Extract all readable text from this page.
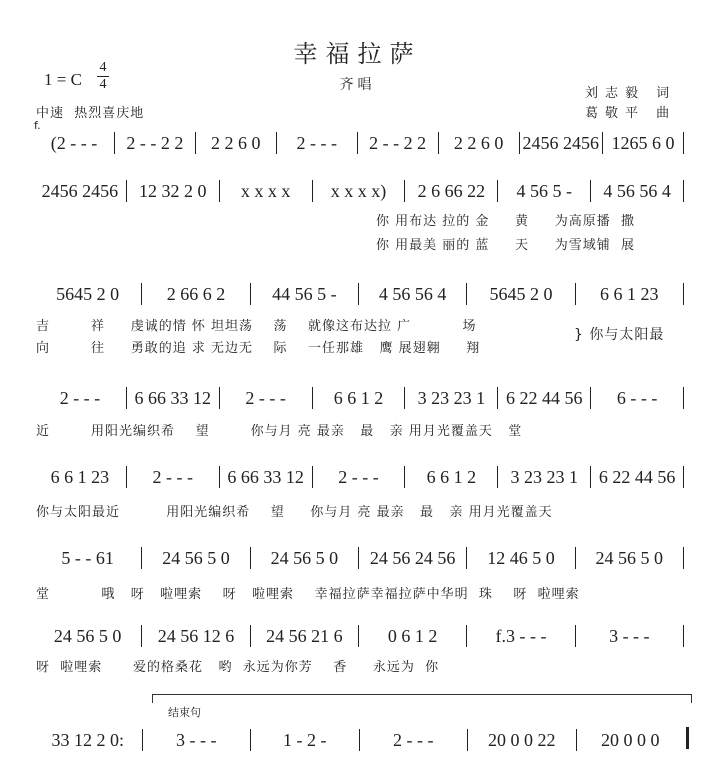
幸福拉萨
齐唱
1 = C
4
4
中速  热烈喜庆地
刘志毅 词
葛敬平 曲
f.
(2 - - -	2 - - 2 2	2 2 6 0	2 - - -	2 - - 2 2	2 2 6 0	2456 2456 1265 6 0
2456 2456	12 32 2 0	x x x x	x x x x)	2 6 66 22	4 56 5 -	4 56 56 4
5645 2 0	2 66 6 2	44 56 5 -	4 56 56 4	5645 2 0	6 6 1 23
2 - - -	6 66 33 12	2 - - -	6 6 1 2	3 23 23 1	6 22 44 56	6 - - -
6 6 1 23	2 - - -	6 66 33 12	2 - - -	6 6 1 2	3 23 23 1	6 22 44 56
5 - - 61	24 56 5 0	24 56 5 0	24 56 24 56	12 46 5 0	24 56 5 0
24 56 5 0	24 56 12 6	24 56 21 6	0 6 1 2	f.3 - - -	3 - - -
33 12 2 0:	3 - - -	1 - 2 -	2 - - -	20 0 0 22	20 0 0 0
你 用布达 拉的 金     黄     为高原播  撒
你 用最美 丽的 蓝     天     为雪域铺  展
吉        祥     虔诚的情 怀 坦坦荡    荡    就像这布达拉 广          场
向        往     勇敢的追 求 无边无    际    一任那雄   鹰 展翅翱     翔
} 你与太阳最
近        用阳光编织希    望        你与月 亮 最亲   最   亲 用月光覆盖天   堂
你与太阳最近         用阳光编织希    望     你与月 亮 最亲   最   亲 用月光覆盖天
堂          哦   呀   啦哩索    呀   啦哩索    幸福拉萨幸福拉萨中华明  珠    呀  啦哩索
呀  啦哩索      爱的格桑花   哟  永远为你芳    香     永远为  你
结束句
